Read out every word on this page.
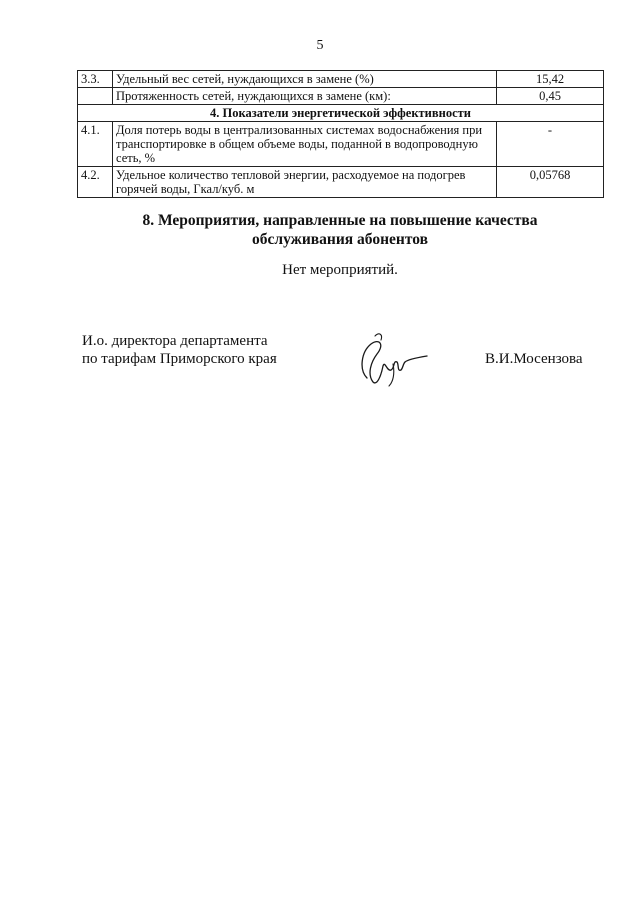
5
3.3.	Удельный вес сетей, нуждающихся в замене (%)	15,42
	Протяженность сетей, нуждающихся в замене (км):	0,45
4. Показатели энергетической эффективности		
4.1.	Доля потерь воды в централизованных системах водоснабжения при транспортировке в общем объеме воды, поданной в водопроводную сеть, %	-
4.2.	Удельное количество тепловой энергии, расходуемое на подогрев горячей воды, Гкал/куб. м	0,05768
8. Мероприятия, направленные на повышение качества
обслуживания абонентов
Нет мероприятий.
И.о. директора департамента
по тарифам Приморского края	В.И.Мосензова
